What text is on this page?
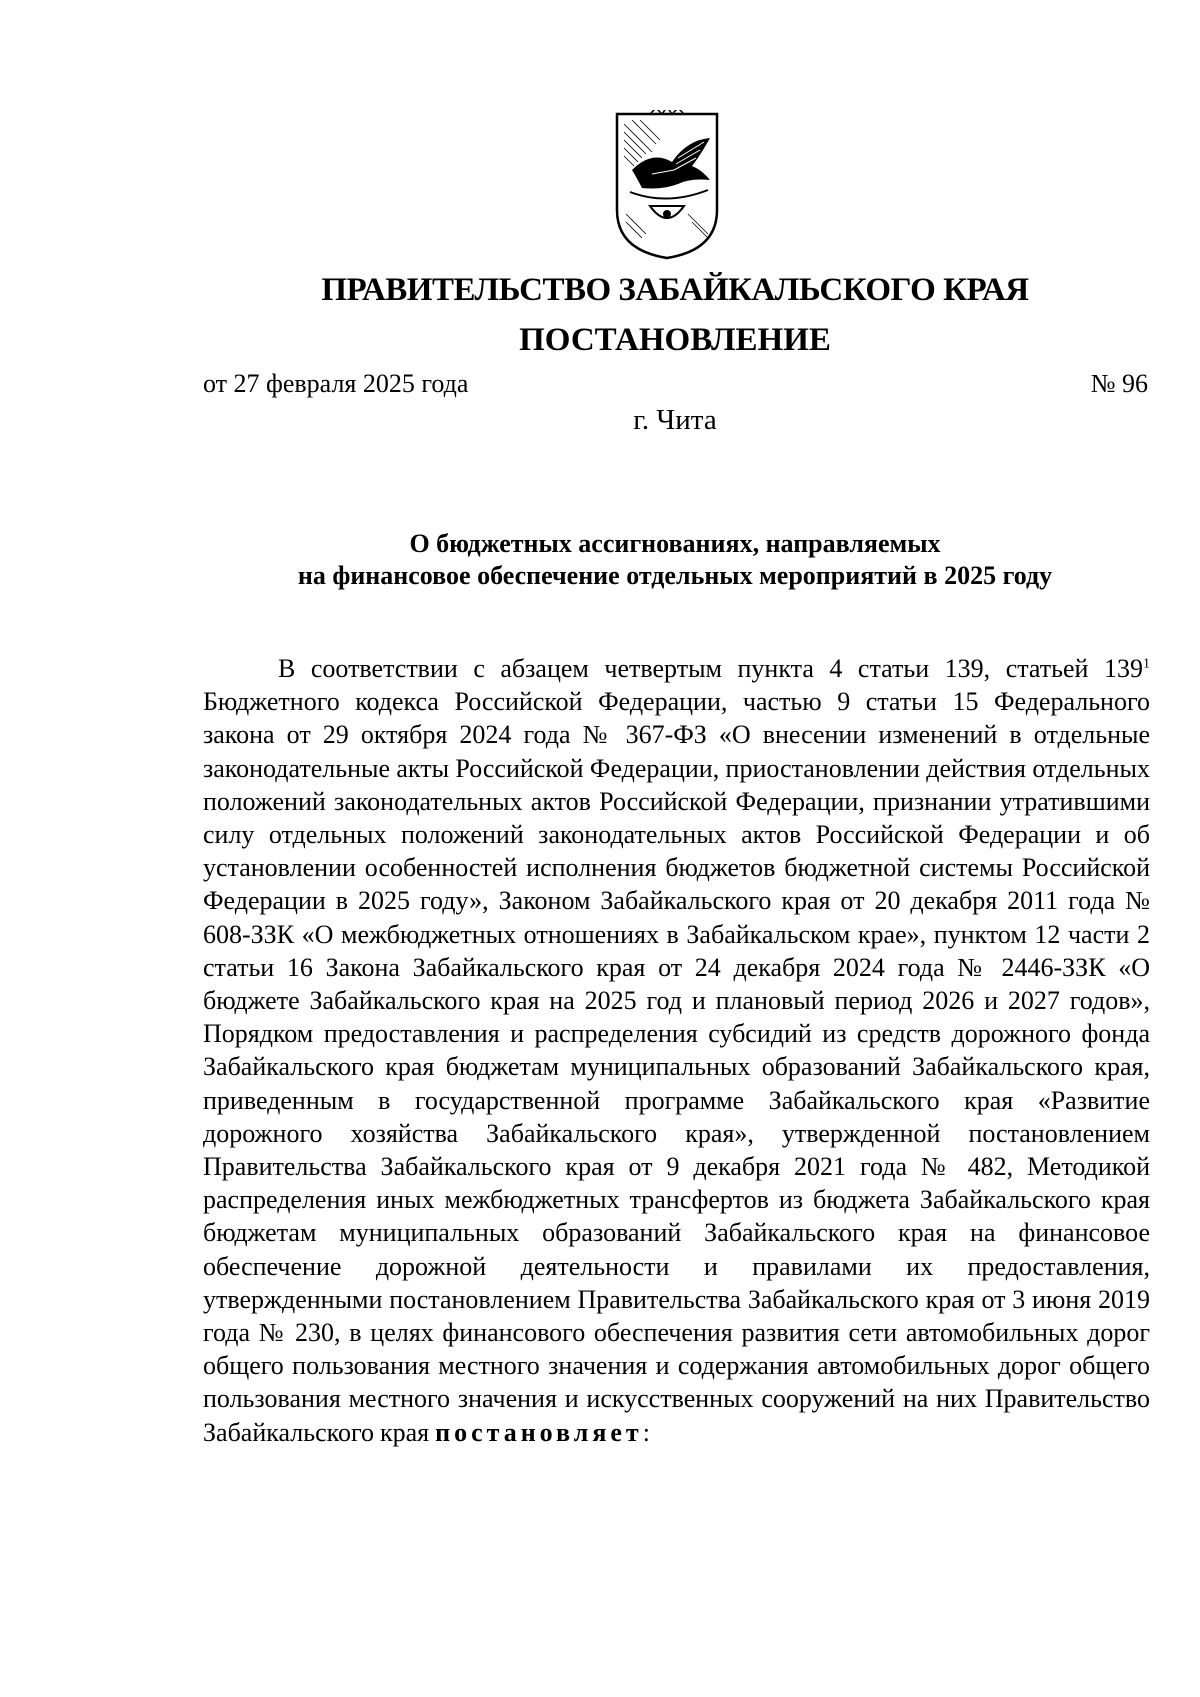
ПРАВИТЕЛЬСТВО ЗАБАЙКАЛЬСКОГО КРАЯ
ПОСТАНОВЛЕНИЕ
от 27 февраля 2025 года	№ 96
г. Чита
О бюджетных ассигнованиях, направляемых
на финансовое обеспечение отдельных мероприятий в 2025 году

В соответствии с абзацем четвертым пункта 4 статьи 139, статьей $139^1$ Бюджетного кодекса Российской Федерации, частью 9 статьи 15 Федерального закона от 29 октября 2024 года № 367-ФЗ «О внесении изменений в отдельные законодательные акты Российской Федерации, приостановлении действия отдельных положений законодательных актов Российской Федерации, признании утратившими силу отдельных положений законодательных актов Российской Федерации и об установлении особенностей исполнения бюджетов бюджетной системы Российской Федерации в 2025 году», Законом Забайкальского края от 20 декабря 2011 года № 608-ЗЗК «О межбюджетных отношениях в Забайкальском крае», пунктом 12 части 2 статьи 16 Закона Забайкальского края от 24 декабря 2024 года № 2446-ЗЗК «О бюджете Забайкальского края на 2025 год и плановый период 2026 и 2027 годов», Порядком предоставления и распределения субсидий из средств дорожного фонда Забайкальского края бюджетам муниципальных образований Забайкальского края, приведенным в государственной программе Забайкальского края «Развитие дорожного хозяйства Забайкальского края», утвержденной постановлением Правительства Забайкальского края от 9 декабря 2021 года № 482, Методикой распределения иных межбюджетных трансфертов из бюджета Забайкальского края бюджетам муниципальных образований Забайкальского края на финансовое обеспечение дорожной деятельности и правилами их предоставления, утвержденными постановлением Правительства Забайкальского края от 3 июня 2019 года № 230, в целях финансового обеспечения развития сети автомобильных дорог общего пользования местного значения и содержания автомобильных дорог общего пользования местного значения и искусственных сооружений на них Правительство Забайкальского края постановляет:
